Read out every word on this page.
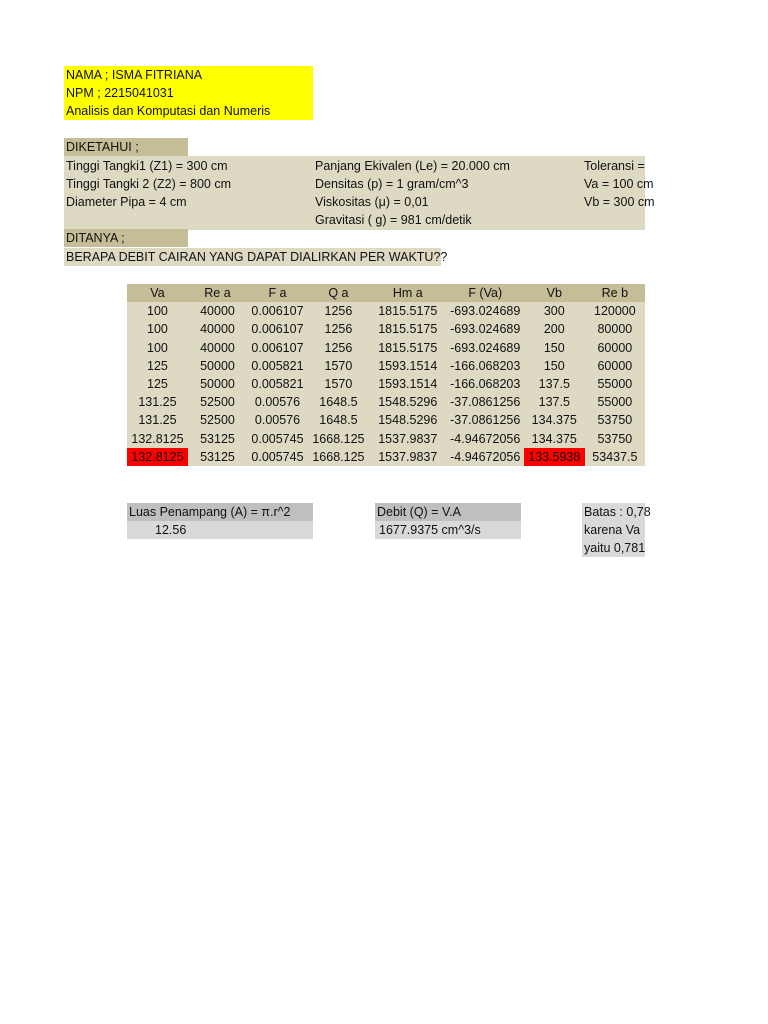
NAMA ; ISMA FITRIANA
NPM ; 2215041031
Analisis dan Komputasi dan Numeris
DIKETAHUI ;
Tinggi Tangki1 (Z1) = 300 cm
Tinggi Tangki 2 (Z2) = 800 cm
Diameter Pipa = 4 cm
Panjang Ekivalen (Le) = 20.000 cm
Densitas (p) = 1 gram/cm^3
Viskositas (μ) = 0,01
Gravitasi ( g) = 981 cm/detik
Toleransi =
Va = 100 cm
Vb = 300 cm
DITANYA ;
BERAPA DEBIT CAIRAN YANG DAPAT DIALIRKAN PER WAKTU??
Va	Re a	F a	Q a	Hm a	F (Va)	Vb	Re b
100	40000	0.006107	1256	1815.5175	-693.024689	300	120000
100	40000	0.006107	1256	1815.5175	-693.024689	200	80000
100	40000	0.006107	1256	1815.5175	-693.024689	150	60000
125	50000	0.005821	1570	1593.1514	-166.068203	150	60000
125	50000	0.005821	1570	1593.1514	-166.068203	137.5	55000
131.25	52500	0.00576	1648.5	1548.5296	-37.0861256	137.5	55000
131.25	52500	0.00576	1648.5	1548.5296	-37.0861256	134.375	53750
132.8125	53125	0.005745	1668.125	1537.9837	-4.94672056	134.375	53750
132.8125	53125	0.005745	1668.125	1537.9837	-4.94672056	133.5938	53437.5
Luas Penampang (A) = π.r^2
12.56
Debit (Q) = V.A
1677.9375 cm^3/s
Batas : 0,78
karena Va
yaitu 0,781
